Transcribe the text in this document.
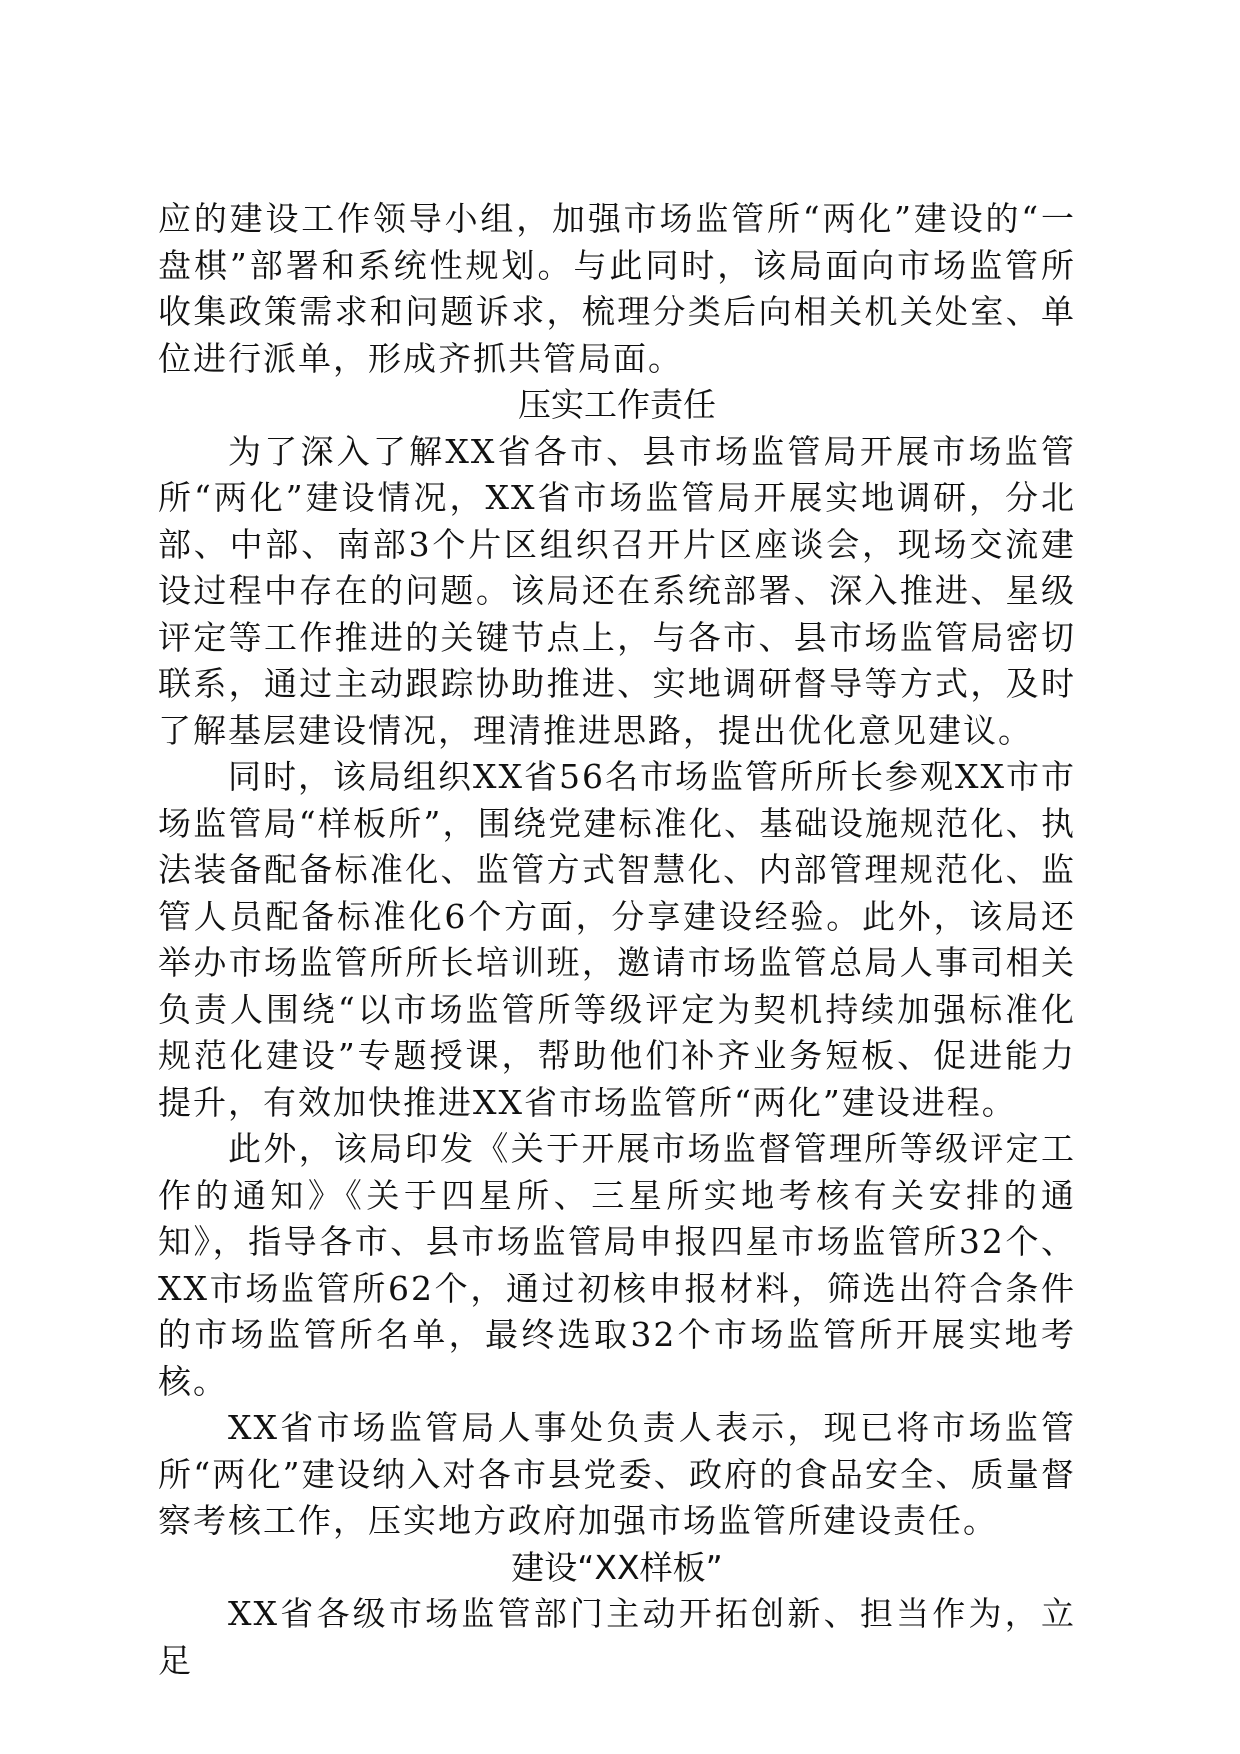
应的建设工作领导小组，加强市场监管所“两化”建设的“一盘棋”部署和系统性规划。与此同时，该局面向市场监管所收集政策需求和问题诉求，梳理分类后向相关机关处室、单位进行派单，形成齐抓共管局面。

压实工作责任

为了深入了解XX省各市、县市场监管局开展市场监管所“两化”建设情况，XX省市场监管局开展实地调研，分北部、中部、南部3个片区组织召开片区座谈会，现场交流建设过程中存在的问题。该局还在系统部署、深入推进、星级评定等工作推进的关键节点上，与各市、县市场监管局密切联系，通过主动跟踪协助推进、实地调研督导等方式，及时了解基层建设情况，理清推进思路，提出优化意见建议。

同时，该局组织XX省56名市场监管所所长参观XX市市场监管局“样板所”，围绕党建标准化、基础设施规范化、执法装备配备标准化、监管方式智慧化、内部管理规范化、监管人员配备标准化6个方面，分享建设经验。此外，该局还举办市场监管所所长培训班，邀请市场监管总局人事司相关负责人围绕“以市场监管所等级评定为契机持续加强标准化规范化建设”专题授课，帮助他们补齐业务短板、促进能力提升，有效加快推进XX省市场监管所“两化”建设进程。

此外，该局印发《关于开展市场监督管理所等级评定工作的通知》《关于四星所、三星所实地考核有关安排的通知》，指导各市、县市场监管局申报四星市场监管所32个、XX市场监管所62个，通过初核申报材料，筛选出符合条件的市场监管所名单，最终选取32个市场监管所开展实地考核。

XX省市场监管局人事处负责人表示，现已将市场监管所“两化”建设纳入对各市县党委、政府的食品安全、质量督察考核工作，压实地方政府加强市场监管所建设责任。

建设“XX样板”

XX省各级市场监管部门主动开拓创新、担当作为，立足
